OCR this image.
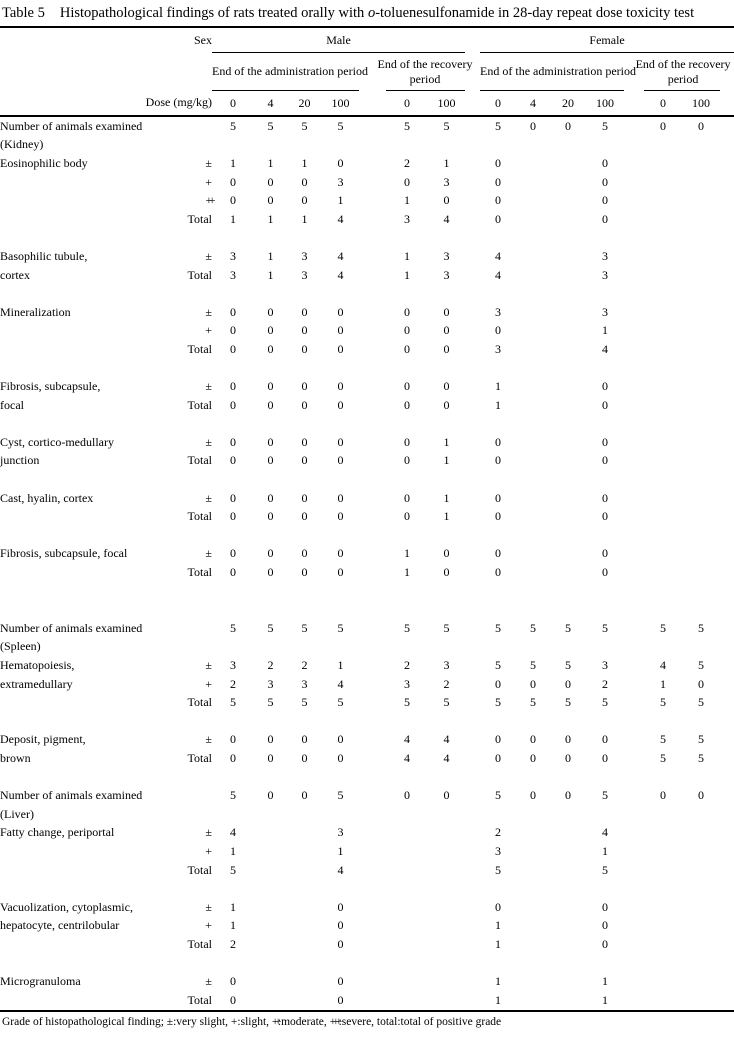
Table 5 Histopathological findings of rats treated orally with o-toluenesulfonamide in 28-day repeat dose toxicity test
Sex		Male								Female							

		End of the administration period					End of the recovery period			End of the administration period					End of the recovery period		

Dose (mg/kg)		0	4	20	100		0	100		0	4	20	100		0	100	
Number of animals examined		5	5	5	5		5	5		5	0	0	5		0	0	
(Kidney)																	
Eosinophilic body	±	1	1	1	0		2	1		0			0				
	+	0	0	0	3		0	3		0			0				
	++	0	0	0	1		1	0		0			0				
	Total	1	1	1	4		3	4		0			0				

Basophilic tubule,	±	3	1	3	4		1	3		4			3				
cortex	Total	3	1	3	4		1	3		4			3				

Mineralization	±	0	0	0	0		0	0		3			3				
	+	0	0	0	0		0	0		0			1				
	Total	0	0	0	0		0	0		3			4				

Fibrosis, subcapsule,	±	0	0	0	0		0	0		1			0				
focal	Total	0	0	0	0		0	0		1			0				

Cyst, cortico-medullary	±	0	0	0	0		0	1		0			0				
junction	Total	0	0	0	0		0	1		0			0				

Cast, hyalin, cortex	±	0	0	0	0		0	1		0			0				
	Total	0	0	0	0		0	1		0			0				

Fibrosis, subcapsule, focal	±	0	0	0	0		1	0		0			0				
	Total	0	0	0	0		1	0		0			0				

Number of animals examined		5	5	5	5		5	5		5	5	5	5		5	5	
(Spleen)																	
Hematopoiesis,	±	3	2	2	1		2	3		5	5	5	3		4	5	
extramedullary	+	2	3	3	4		3	2		0	0	0	2		1	0	
	Total	5	5	5	5		5	5		5	5	5	5		5	5	

Deposit, pigment,	±	0	0	0	0		4	4		0	0	0	0		5	5	
brown	Total	0	0	0	0		4	4		0	0	0	0		5	5	

Number of animals examined		5	0	0	5		0	0		5	0	0	5		0	0	
(Liver)																	
Fatty change, periportal	±	4			3					2			4				
	+	1			1					3			1				
	Total	5			4					5			5				

Vacuolization, cytoplasmic,	±	1			0					0			0				
hepatocyte, centrilobular	+	1			0					1			0				
	Total	2			0					1			0				

Microgranuloma	±	0			0					1			1				
	Total	0			0					1			1				
Grade of histopathological finding; ±:very slight, +:slight, ++:moderate, +++:severe, total:total of positive grade
